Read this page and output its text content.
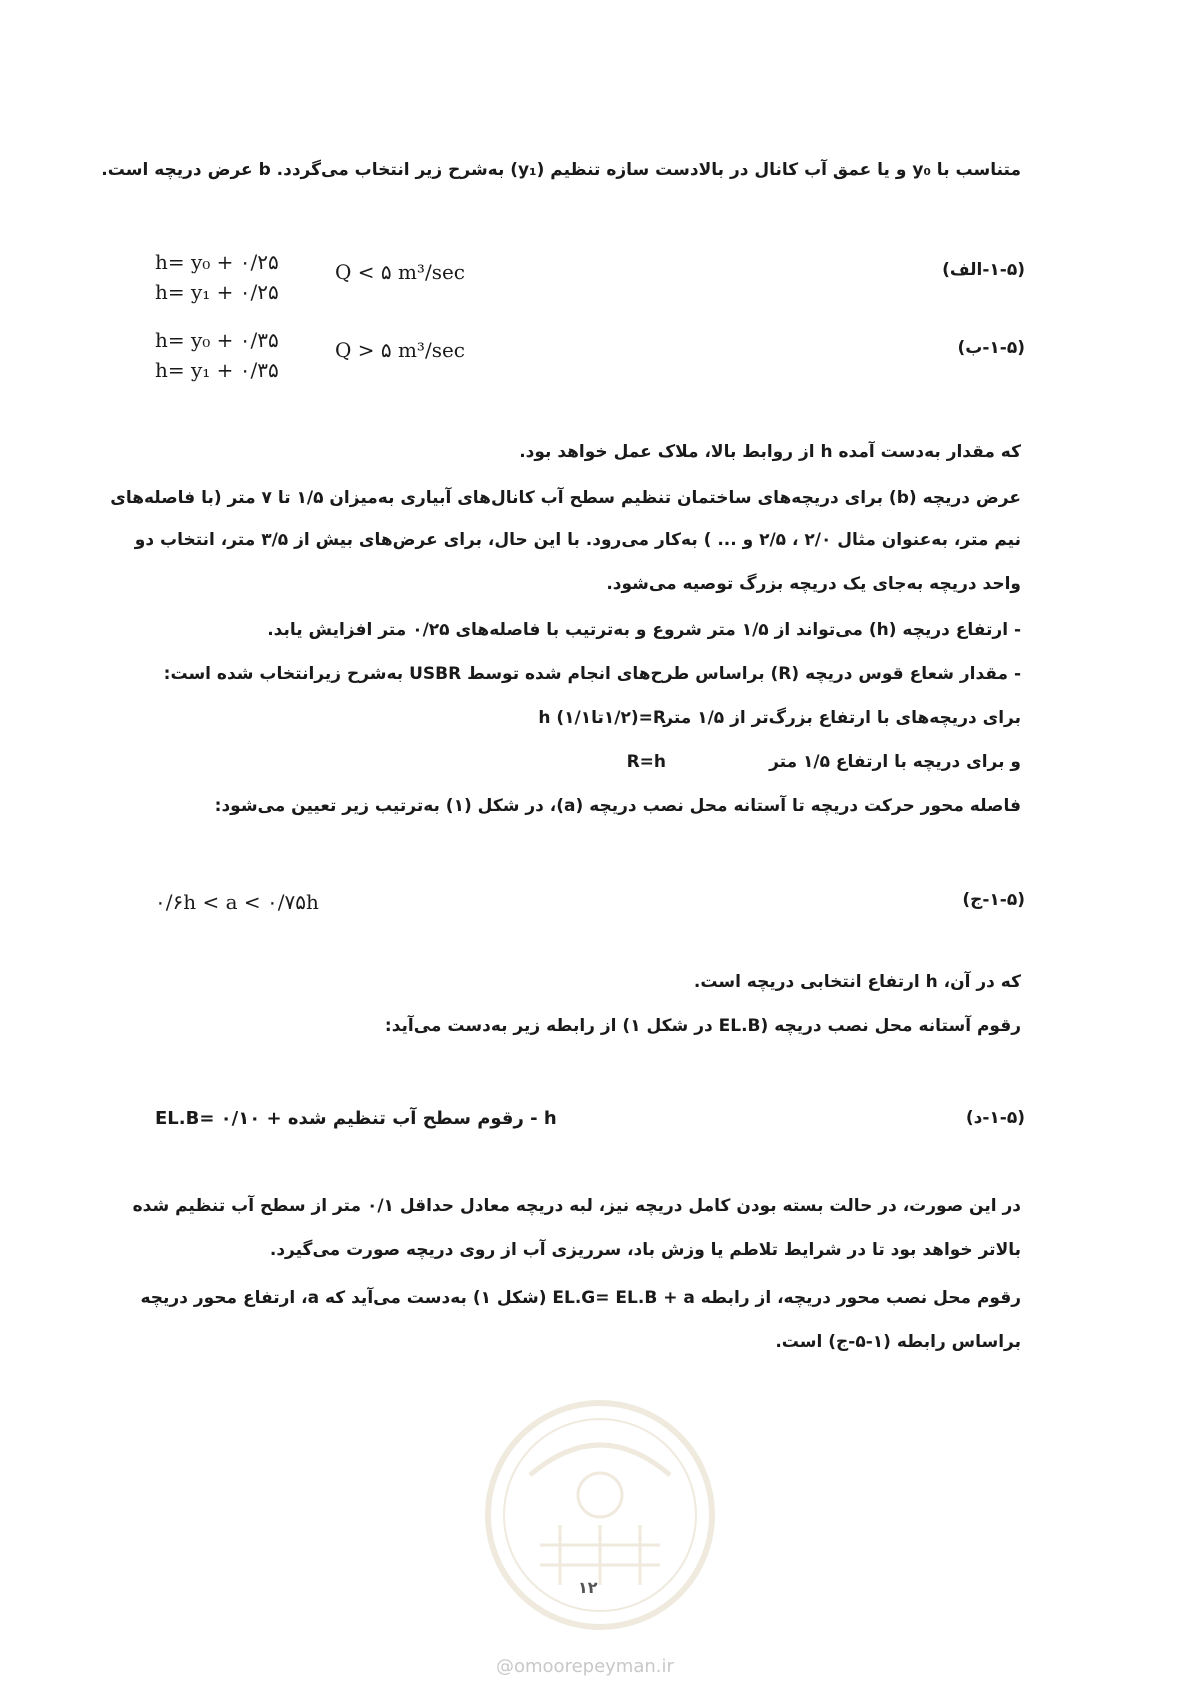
متناسب با y₀ و یا عمق آب کانال در بالادست سازه تنظیم (y₁) به‌شرح زیر انتخاب می‌گردد. b عرض دریچه است.
h= y₀ + ۰/۲۵	Q < ۵ m³/sec	(۱-۵-الف)
h= y₁ + ۰/۲۵
h= y₀ + ۰/۳۵	Q > ۵ m³/sec	(۱-۵-ب)
h= y₁ + ۰/۳۵
که مقدار به‌دست آمده h از روابط بالا، ملاک عمل خواهد بود.
عرض دریچه (b) برای دریچه‌های ساختمان تنظیم سطح آب کانال‌های آبیاری به‌میزان ۱/۵ تا ۷ متر (با فاصله‌های
نیم متر، به‌عنوان مثال ۲/۰ ، ۲/۵ و ... ) به‌کار می‌رود. با این حال، برای عرض‌های بیش از ۳/۵ متر، انتخاب دو
واحد دریچه به‌جای یک دریچه بزرگ توصیه می‌شود.
- ارتفاع دریچه (h) می‌تواند از ۱/۵ متر شروع و به‌ترتیب با فاصله‌های ۰/۲۵ متر افزایش یابد.
- مقدار شعاع قوس دریچه (R) براساس طرح‌های انجام شده توسط USBR به‌شرح زیرانتخاب شده است:
برای دریچه‌های با ارتفاع بزرگ‌تر از ۱/۵ متر
R=(۱/۲تا۱/۱) h
و برای دریچه با ارتفاع ۱/۵ متر
R=h
فاصله محور حرکت دریچه تا آستانه محل نصب دریچه (a)، در شکل (۱) به‌ترتیب زیر تعیین می‌شود:
۰/۶h < a < ۰/۷۵h	(۱-۵-ج)
که در آن، h ارتفاع انتخابی دریچه است.
رقوم آستانه محل نصب دریچه (EL.B در شکل ۱) از رابطه زیر به‌دست می‌آید:
EL.B= رقوم سطح آب تنظیم شده + ۰/۱۰ - h	(۱-۵-د)
در این صورت، در حالت بسته بودن کامل دریچه نیز، لبه دریچه معادل حداقل ۰/۱ متر از سطح آب تنظیم شده
بالاتر خواهد بود تا در شرایط تلاطم یا وزش باد، سرریزی آب از روی دریچه صورت می‌گیرد.
رقوم محل نصب محور دریچه، از رابطه EL.G= EL.B + a (شکل ۱) به‌دست می‌آید که a، ارتفاع محور دریچه
براساس رابطه (۱-۵-ج) است.
۱۲
@omoorepeyman.ir
